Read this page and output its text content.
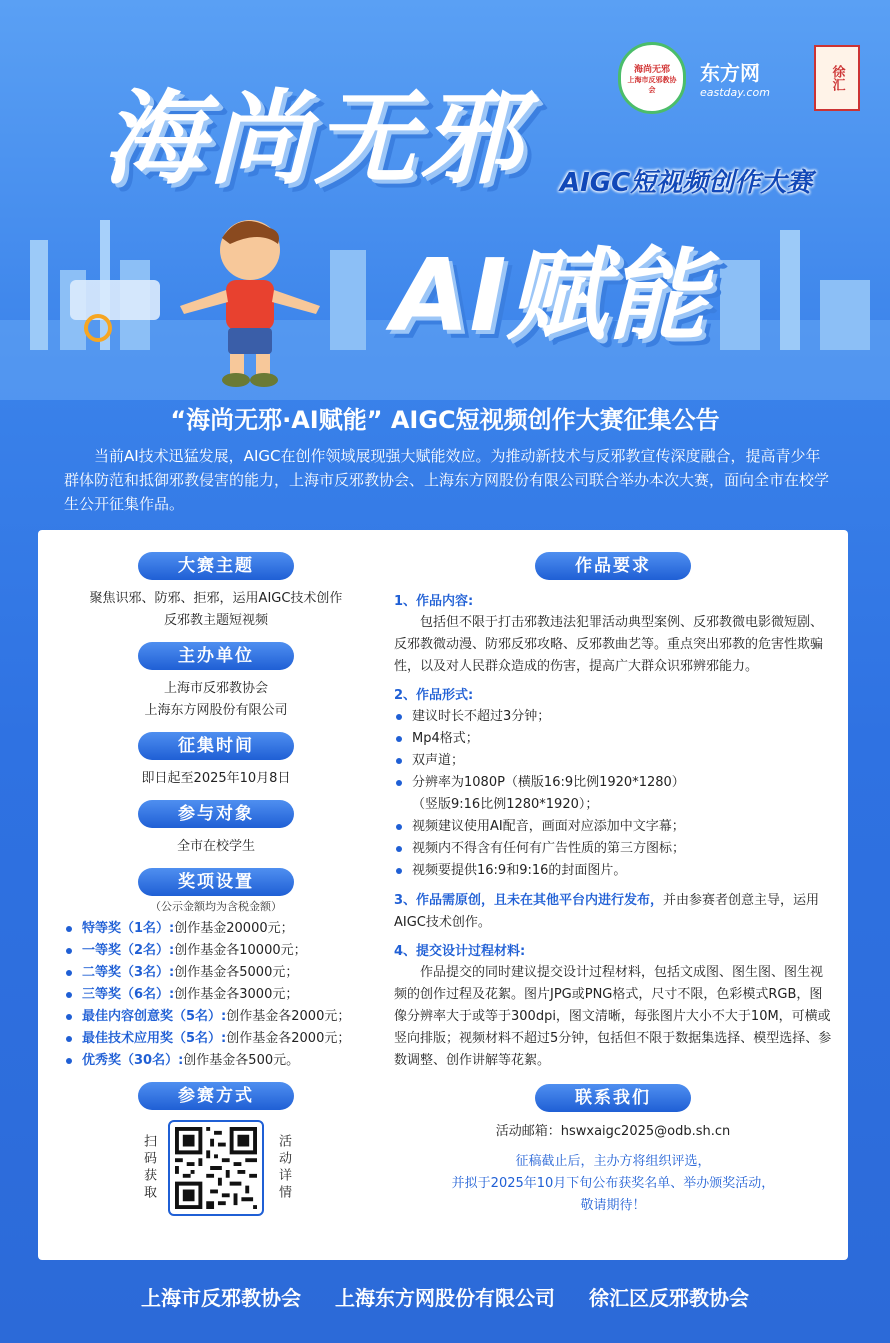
海尚无邪 AIGC短视频创作大赛
AI赋能
海尚无邪
上海市反邪教协会
东方网
eastday.com
徐汇
“海尚无邪·AI赋能” AIGC短视频创作大赛征集公告
当前AI技术迅猛发展，AIGC在创作领域展现强大赋能效应。为推动新技术与反邪教宣传深度融合，提高青少年群体防范和抵御邪教侵害的能力，上海市反邪教协会、上海东方网股份有限公司联合举办本次大赛，面向全市在校学生公开征集作品。
大赛主题
聚焦识邪、防邪、拒邪，运用AIGC技术创作
反邪教主题短视频
主办单位
上海市反邪教协会
上海东方网股份有限公司
征集时间
即日起至2025年10月8日
参与对象
全市在校学生
奖项设置
（公示金额均为含税金额）
特等奖（1名）:创作基金20000元；
一等奖（2名）:创作基金各10000元；
二等奖（3名）:创作基金各5000元；
三等奖（6名）:创作基金各3000元；
最佳内容创意奖（5名）:创作基金各2000元；
最佳技术应用奖（5名）:创作基金各2000元；
优秀奖（30名）:创作基金各500元。
参赛方式
扫码获取	活动详情
作品要求
1、作品内容:
包括但不限于打击邪教违法犯罪活动典型案例、反邪教微电影微短剧、反邪教微动漫、防邪反邪攻略、反邪教曲艺等。重点突出邪教的危害性欺骗性，以及对人民群众造成的伤害，提高广大群众识邪辨邪能力。
2、作品形式:
建议时长不超过3分钟；
Mp4格式；
双声道；
分辨率为1080P（横版16:9比例1920*1280）
（竖版9:16比例1280*1920）；
视频建议使用AI配音，画面对应添加中文字幕；
视频内不得含有任何有广告性质的第三方图标；
视频要提供16:9和9:16的封面图片。
3、作品需原创，且未在其他平台内进行发布，并由参赛者创意主导，运用AIGC技术创作。
4、提交设计过程材料:
作品提交的同时建议提交设计过程材料，包括文成图、图生图、图生视频的创作过程及花絮。图片JPG或PNG格式，尺寸不限，色彩模式RGB，图像分辨率大于或等于300dpi，图文清晰，每张图片大小不大于10M，可横或竖向排版；视频材料不超过5分钟，包括但不限于数据集选择、模型选择、参数调整、创作讲解等花絮。
联系我们
活动邮箱：hswxaigc2025@odb.sh.cn
征稿截止后，主办方将组织评选，
并拟于2025年10月下旬公布获奖名单、举办颁奖活动，
敬请期待！
上海市反邪教协会 上海东方网股份有限公司 徐汇区反邪教协会
